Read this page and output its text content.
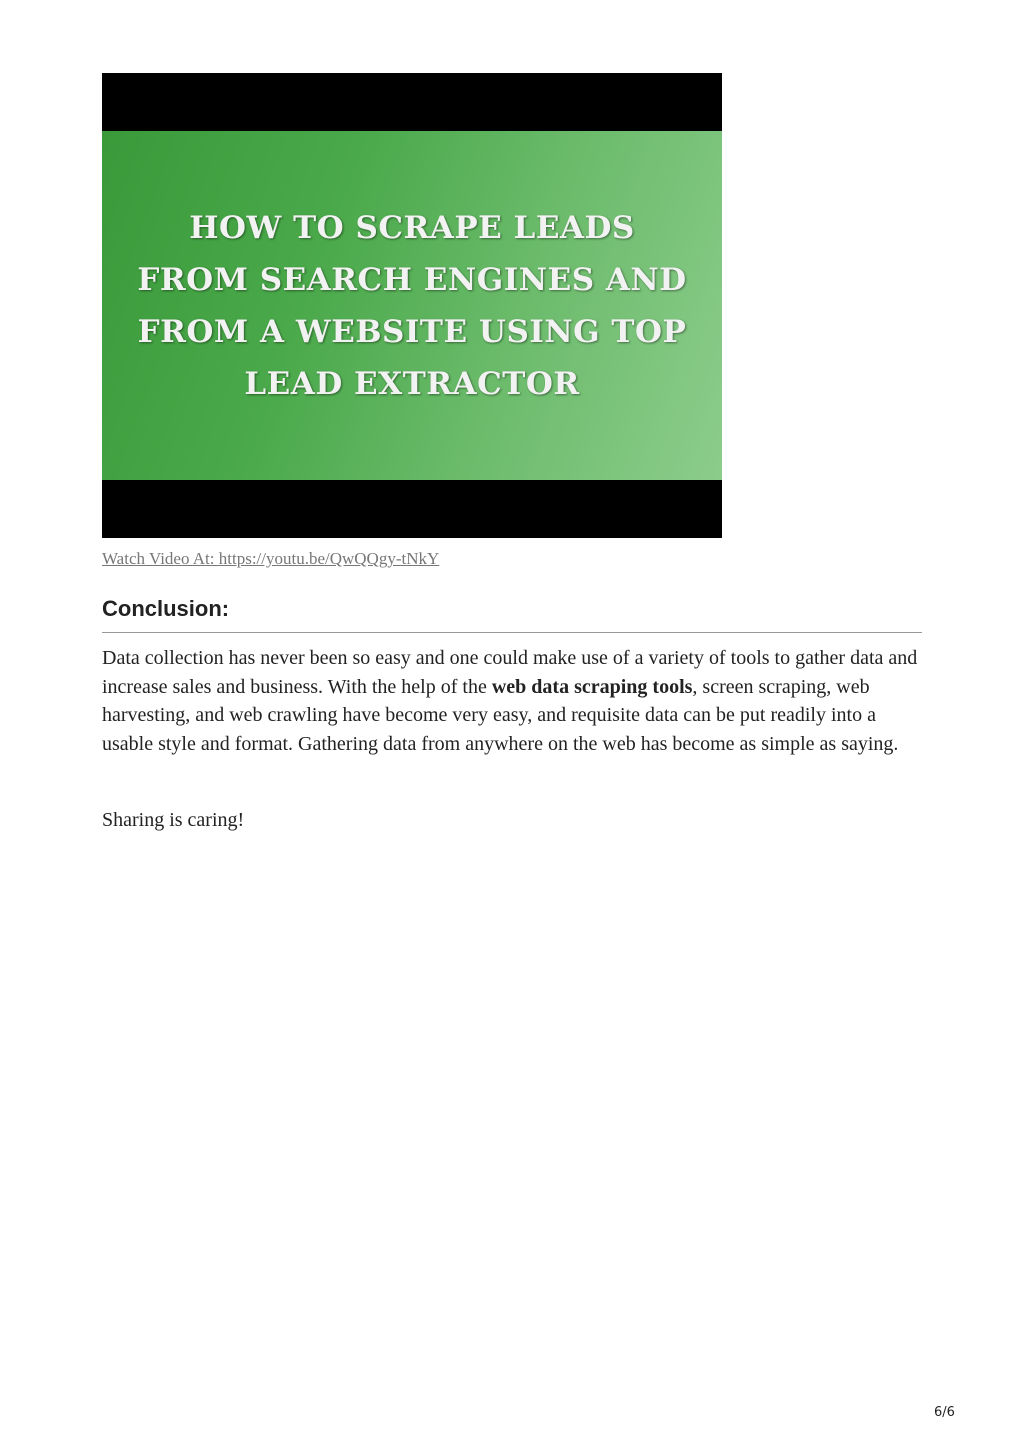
HOW TO SCRAPE LEADS FROM SEARCH ENGINES AND FROM A WEBSITE USING TOP LEAD EXTRACTOR
Watch Video At: https://youtu.be/QwQQgy-tNkY
Conclusion:

Data collection has never been so easy and one could make use of a variety of tools to gather data and increase sales and business. With the help of the web data scraping tools, screen scraping, web harvesting, and web crawling have become very easy, and requisite data can be put readily into a usable style and format. Gathering data from anywhere on the web has become as simple as saying.

Sharing is caring!

6/6
